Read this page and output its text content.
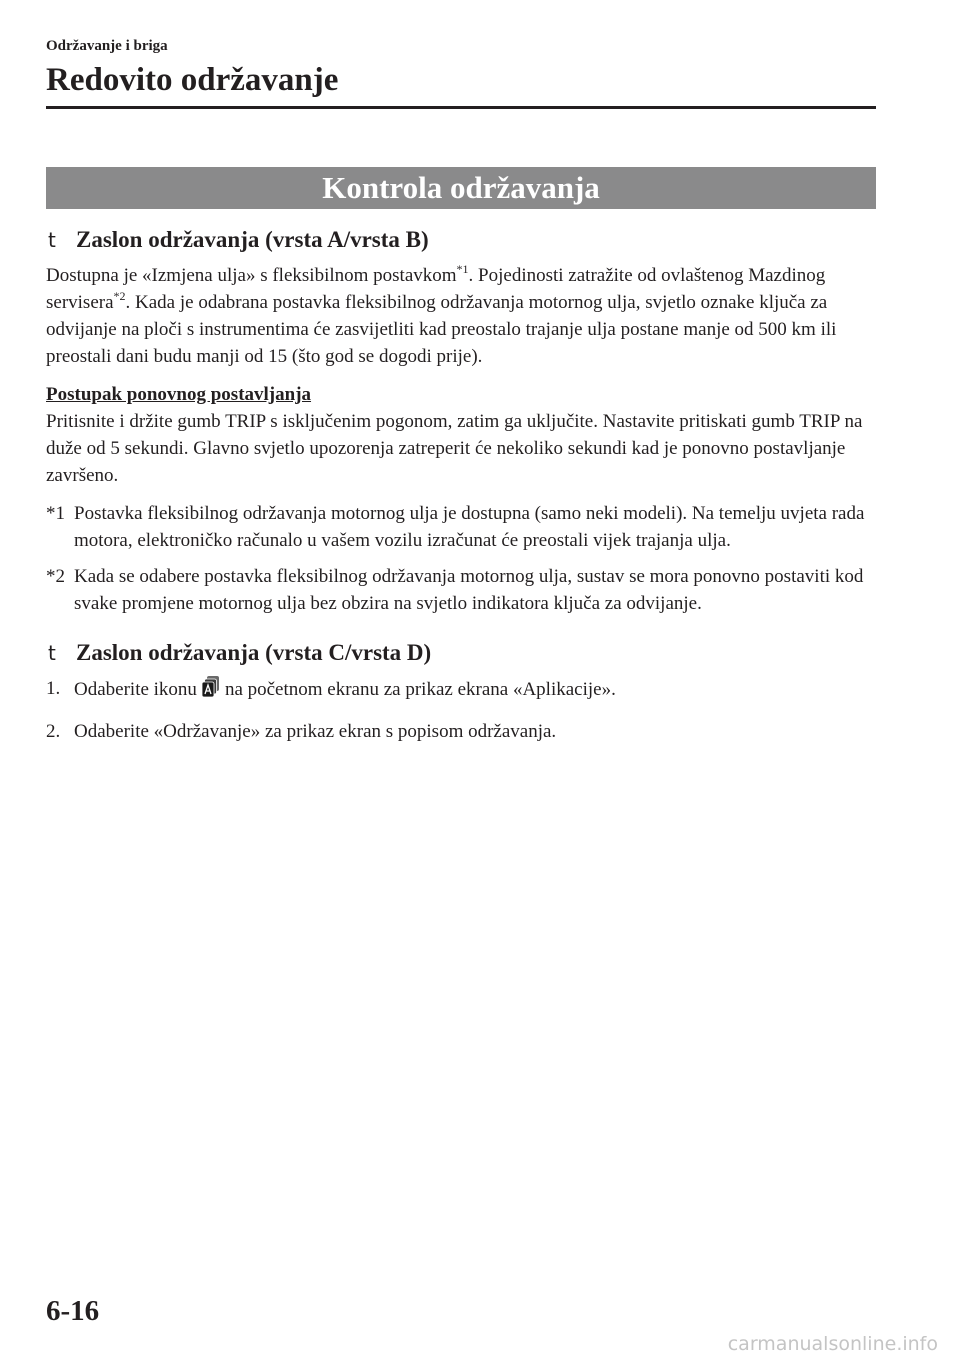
Održavanje i briga
Redovito održavanje
Kontrola održavanja
t Zaslon održavanja (vrsta A/vrsta B)

Dostupna je «Izmjena ulja» s fleksibilnom postavkom$^{*1}$. Pojedinosti zatražite od ovlaštenog Mazdinog servisera$^{*2}$. Kada je odabrana postavka fleksibilnog održavanja motornog ulja, svjetlo oznake ključa za odvijanje na ploči s instrumentima će zasvijetliti kad preostalo trajanje ulja postane manje od 500 km ili preostali dani budu manji od 15 (što god se dogodi prije).

Postupak ponovnog postavljanja

Pritisnite i držite gumb TRIP s isključenim pogonom, zatim ga uključite. Nastavite pritiskati gumb TRIP na duže od 5 sekundi. Glavno svjetlo upozorenja zatreperit će nekoliko sekundi kad je ponovno postavljanje završeno.

*1 Postavka fleksibilnog održavanja motornog ulja je dostupna (samo neki modeli). Na temelju uvjeta rada motora, elektroničko računalo u vašem vozilu izračunat će preostali vijek trajanja ulja.
*2 Kada se odabere postavka fleksibilnog održavanja motornog ulja, sustav se mora ponovno postaviti kod svake promjene motornog ulja bez obzira na svjetlo indikatora ključa za odvijanje.
t Zaslon održavanja (vrsta C/vrsta D)
1. Odaberite ikonu na početnom ekranu za prikaz ekrana «Aplikacije».
2. Odaberite «Održavanje» za prikaz ekran s popisom održavanja.
6-16
carmanualsonline.info
